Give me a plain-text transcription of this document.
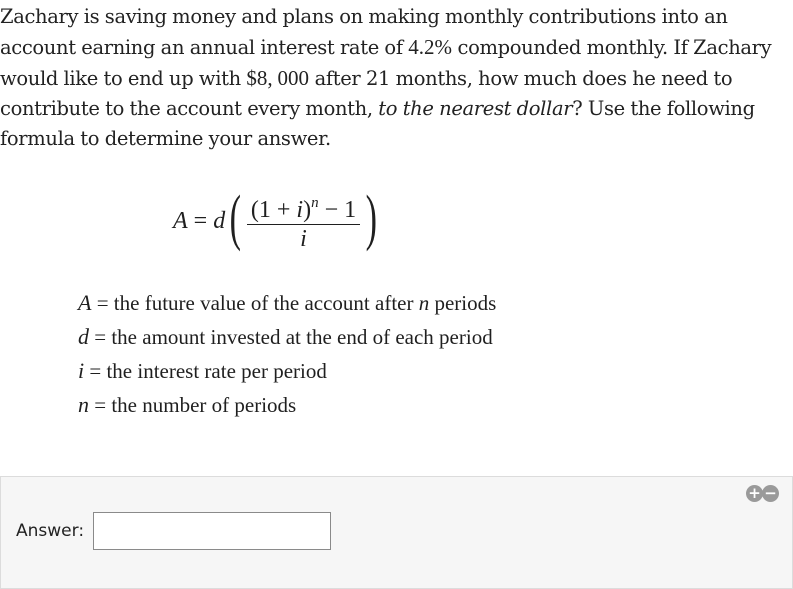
Zachary is saving money and plans on making monthly contributions into an account earning an annual interest rate of 4.2% compounded monthly. If Zachary would like to end up with $8, 000 after 21 months, how much does he need to contribute to the account every month, to the nearest dollar? Use the following formula to determine your answer.
A = d ( $\frac{(1 + i)^n - 1}{i}$ )
A = the future value of the account after n periods
d = the amount invested at the end of each period
i = the interest rate per period
n = the number of periods
+ −
Answer:
